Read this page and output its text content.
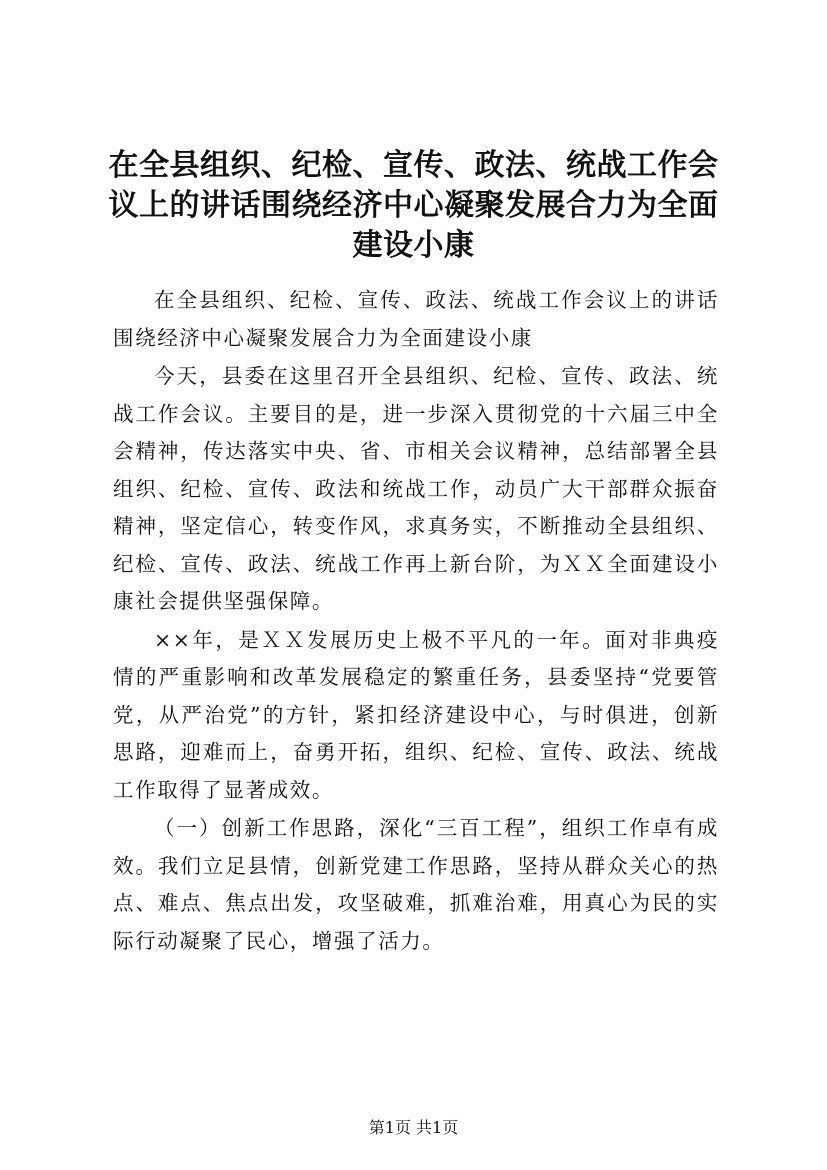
在全县组织、纪检、宣传、政法、统战工作会议上的讲话围绕经济中心凝聚发展合力为全面建设小康

在全县组织、纪检、宣传、政法、统战工作会议上的讲话围绕经济中心凝聚发展合力为全面建设小康

今天，县委在这里召开全县组织、纪检、宣传、政法、统战工作会议。主要目的是，进一步深入贯彻党的十六届三中全会精神，传达落实中央、省、市相关会议精神，总结部署全县组织、纪检、宣传、政法和统战工作，动员广大干部群众振奋精神，坚定信心，转变作风，求真务实，不断推动全县组织、纪检、宣传、政法、统战工作再上新台阶，为ＸＸ全面建设小康社会提供坚强保障。

××年，是ＸＸ发展历史上极不平凡的一年。面对非典疫情的严重影响和改革发展稳定的繁重任务，县委坚持“党要管党，从严治党”的方针，紧扣经济建设中心，与时俱进，创新思路，迎难而上，奋勇开拓，组织、纪检、宣传、政法、统战工作取得了显著成效。

（一）创新工作思路，深化“三百工程”，组织工作卓有成效。我们立足县情，创新党建工作思路，坚持从群众关心的热点、难点、焦点出发，攻坚破难，抓难治难，用真心为民的实际行动凝聚了民心，增强了活力。

第1页 共1页
